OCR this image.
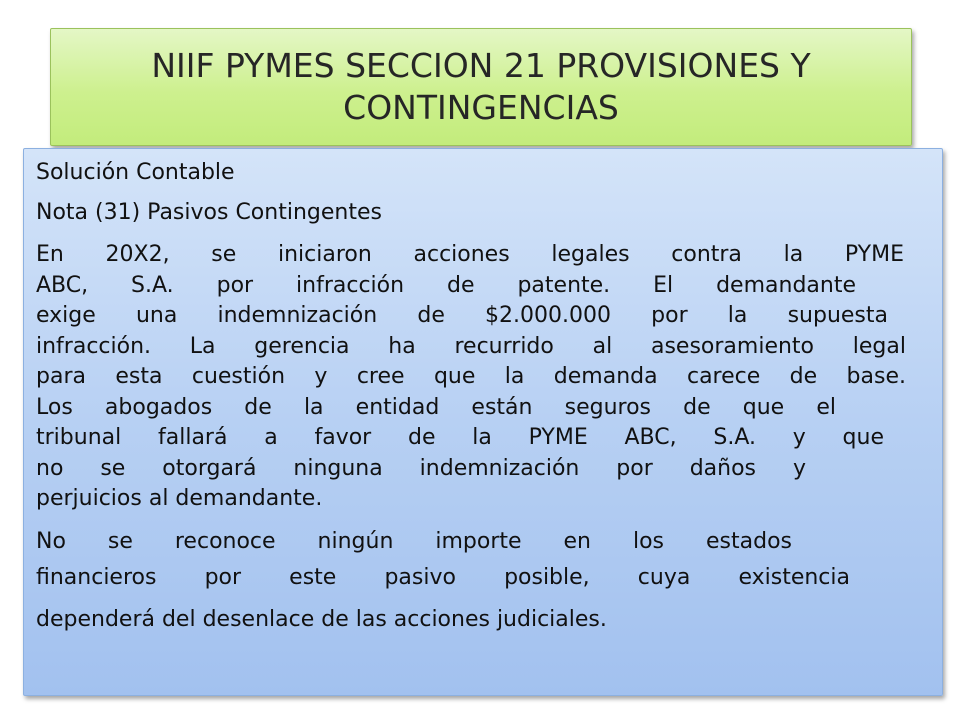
NIIF PYMES SECCION 21 PROVISIONES Y CONTINGENCIAS
Solución Contable
Nota (31) Pasivos Contingentes
En 20X2, se iniciaron acciones legales contra la PYME
ABC, S.A. por infracción de patente. El demandante
exige una indemnización de $2.000.000 por la supuesta
infracción. La gerencia ha recurrido al asesoramiento legal
para esta cuestión y cree que la demanda carece de base.
Los abogados de la entidad están seguros de que el
tribunal fallará a favor de la PYME ABC, S.A. y que
no se otorgará ninguna indemnización por daños y
perjuicios al demandante.
No se reconoce ningún importe en los estados
financieros por este pasivo posible, cuya existencia
dependerá del desenlace de las acciones judiciales.
